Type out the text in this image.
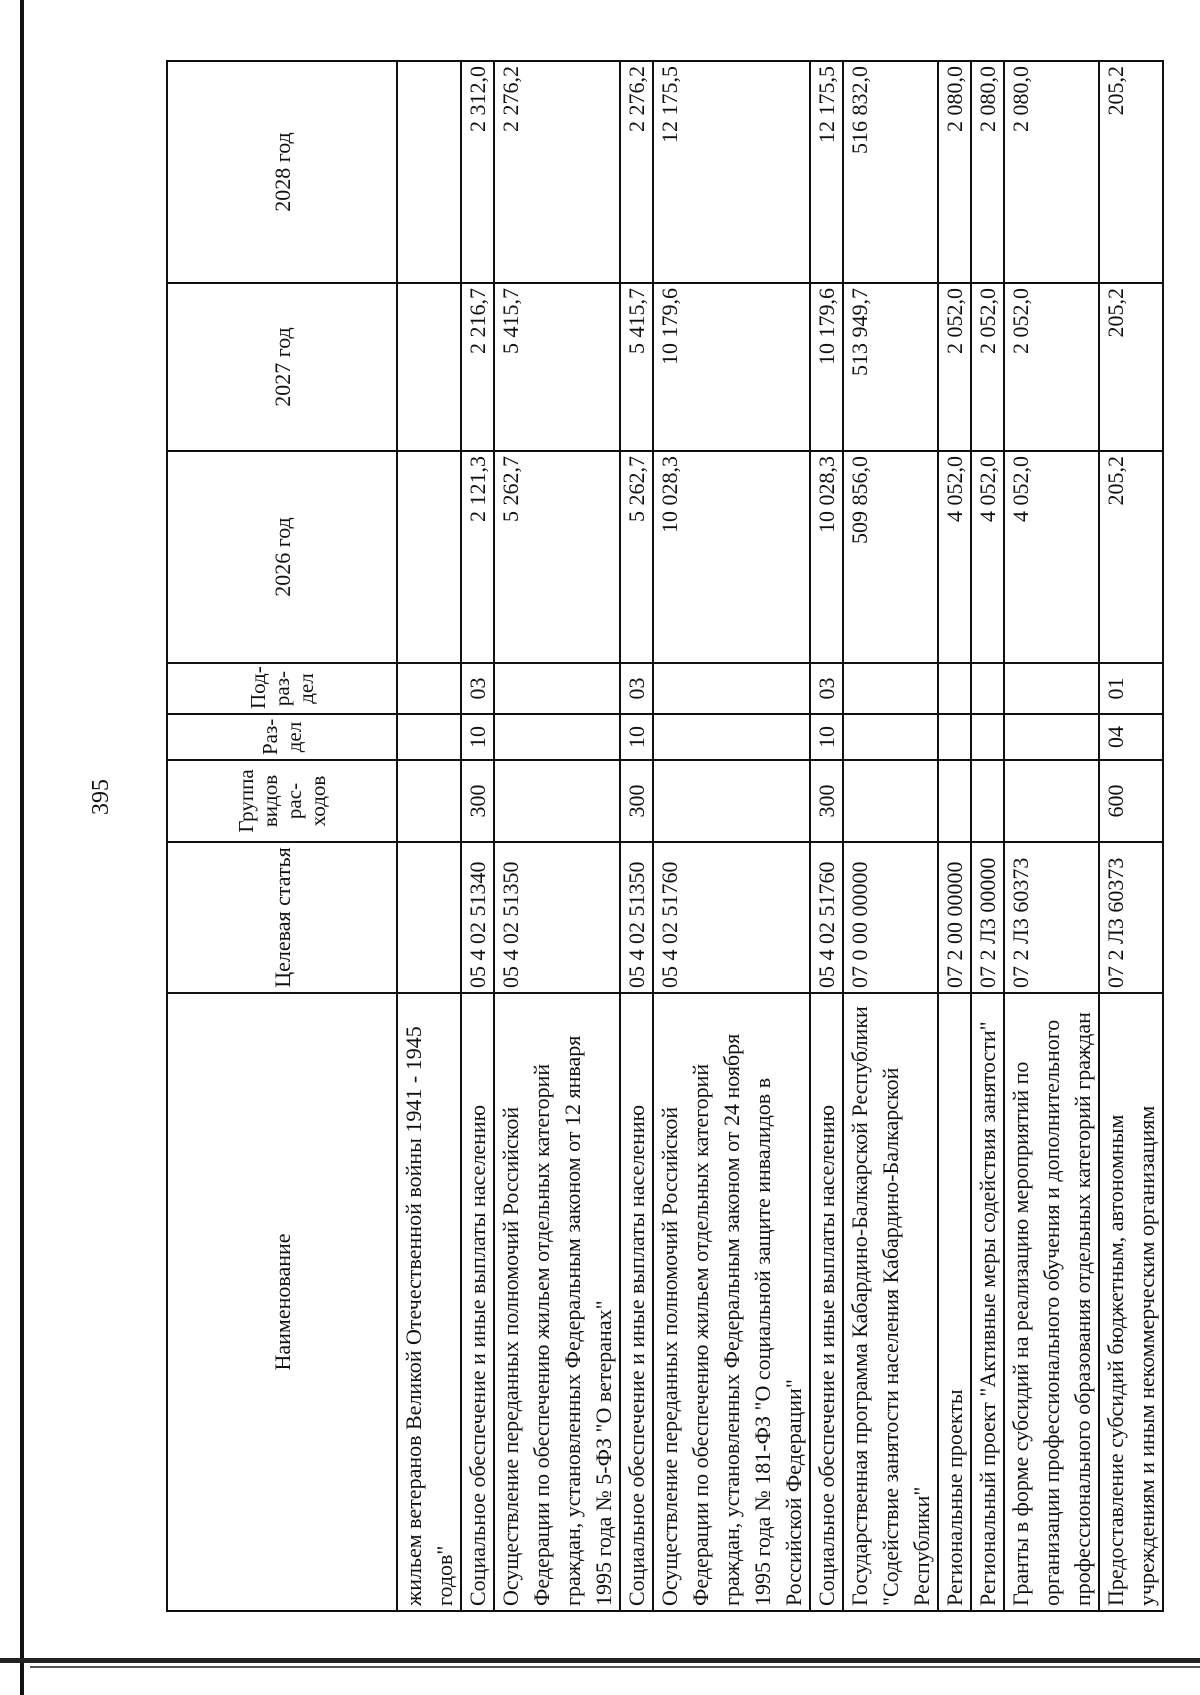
395
Наименование	Целевая статья	Группа видов рас-ходов	Раз-дел	Под-раз-дел	2026 год	2027 год	2028 год
жильем ветеранов Великой Отечественной войны 1941 - 1945 годов"							
Социальное обеспечение и иные выплаты населению	05 4 02 51340	300	10	03	2 121,3	2 216,7	2 312,0
Осуществление переданных полномочий Российской Федерации по обеспечению жильем отдельных категорий граждан, установленных Федеральным законом от 12 января 1995 года № 5-ФЗ "О ветеранах"	05 4 02 51350				5 262,7	5 415,7	2 276,2
Социальное обеспечение и иные выплаты населению	05 4 02 51350	300	10	03	5 262,7	5 415,7	2 276,2
Осуществление переданных полномочий Российской Федерации по обеспечению жильем отдельных категорий граждан, установленных Федеральным законом от 24 ноября 1995 года № 181-ФЗ "О социальной защите инвалидов в Российской Федерации"	05 4 02 51760				10 028,3	10 179,6	12 175,5
Социальное обеспечение и иные выплаты населению	05 4 02 51760	300	10	03	10 028,3	10 179,6	12 175,5
Государственная программа Кабардино-Балкарской Республики "Содействие занятости населения Кабардино-Балкарской Республики"	07 0 00 00000				509 856,0	513 949,7	516 832,0
Региональные проекты	07 2 00 00000				4 052,0	2 052,0	2 080,0
Региональный проект "Активные меры содействия занятости"	07 2 Л3 00000				4 052,0	2 052,0	2 080,0
Гранты в форме субсидий на реализацию мероприятий по организации профессионального обучения и дополнительного профессионального образования отдельных категорий граждан	07 2 Л3 60373				4 052,0	2 052,0	2 080,0
Предоставление субсидий бюджетным, автономным учреждениям и иным некоммерческим организациям	07 2 Л3 60373	600	04	01	205,2	205,2	205,2
